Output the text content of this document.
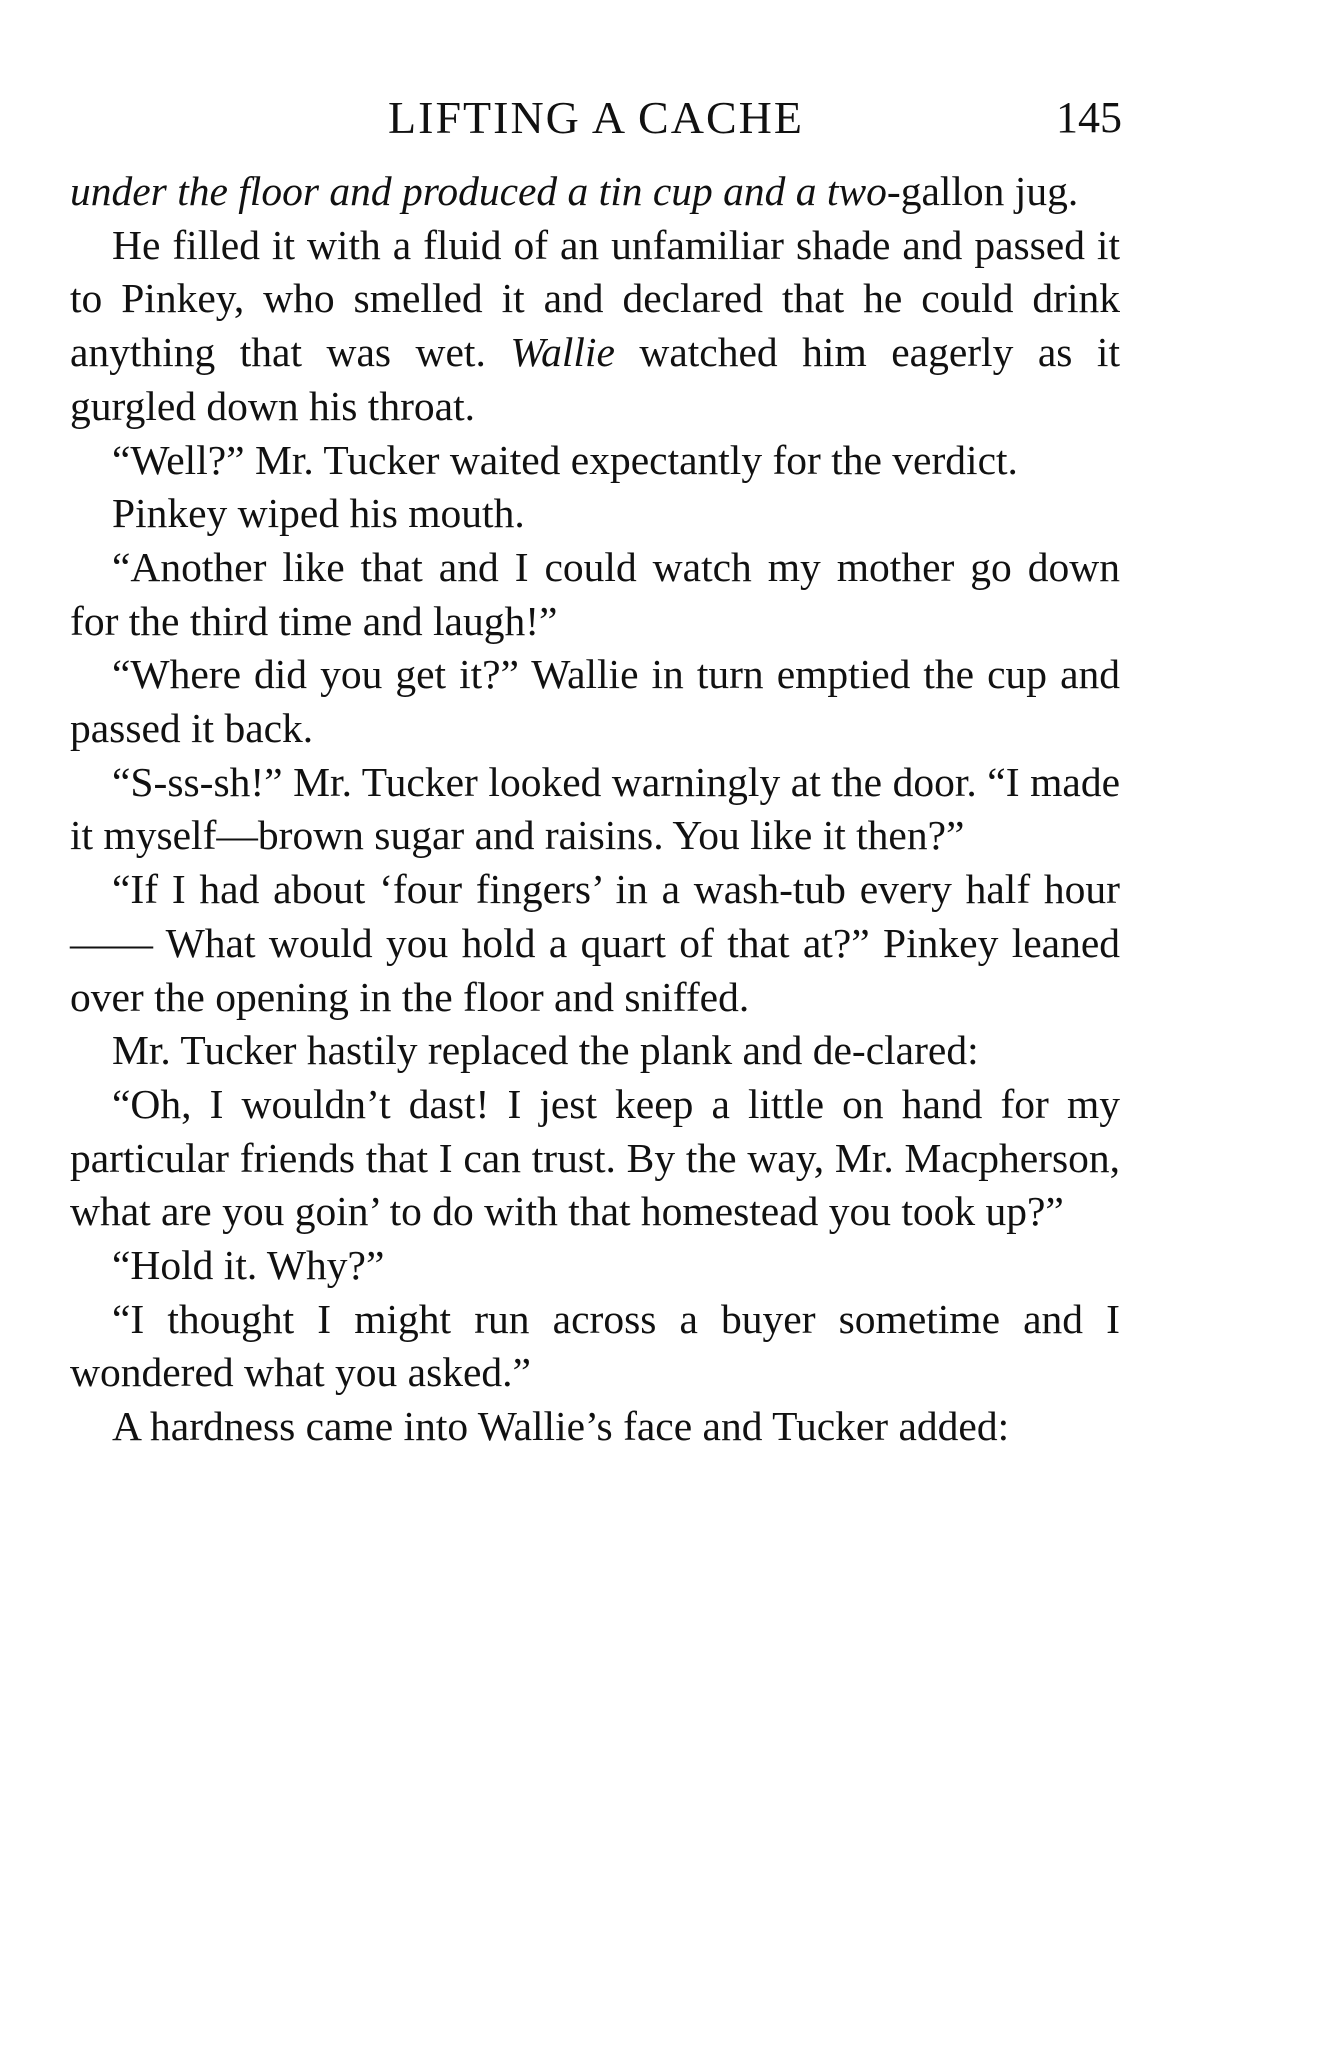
LIFTING A CACHE	145

under the floor and produced a tin cup and a two-gallon jug.

He filled it with a fluid of an unfamiliar shade and passed it to Pinkey, who smelled it and declared that he could drink anything that was wet. Wallie watched him eagerly as it gurgled down his throat.

“Well?” Mr. Tucker waited expectantly for the verdict.

Pinkey wiped his mouth.

“Another like that and I could watch my mother go down for the third time and laugh!”

“Where did you get it?” Wallie in turn emptied the cup and passed it back.

“S-ss-sh!” Mr. Tucker looked warningly at the door. “I made it myself—brown sugar and raisins. You like it then?”

“If I had about ‘four fingers’ in a wash-tub every half hour—— What would you hold a quart of that at?” Pinkey leaned over the opening in the floor and sniffed.

Mr. Tucker hastily replaced the plank and de-clared:

“Oh, I wouldn’t dast! I jest keep a little on hand for my particular friends that I can trust. By the way, Mr. Macpherson, what are you goin’ to do with that homestead you took up?”

“Hold it. Why?”

“I thought I might run across a buyer sometime and I wondered what you asked.”

A hardness came into Wallie’s face and Tucker added:
